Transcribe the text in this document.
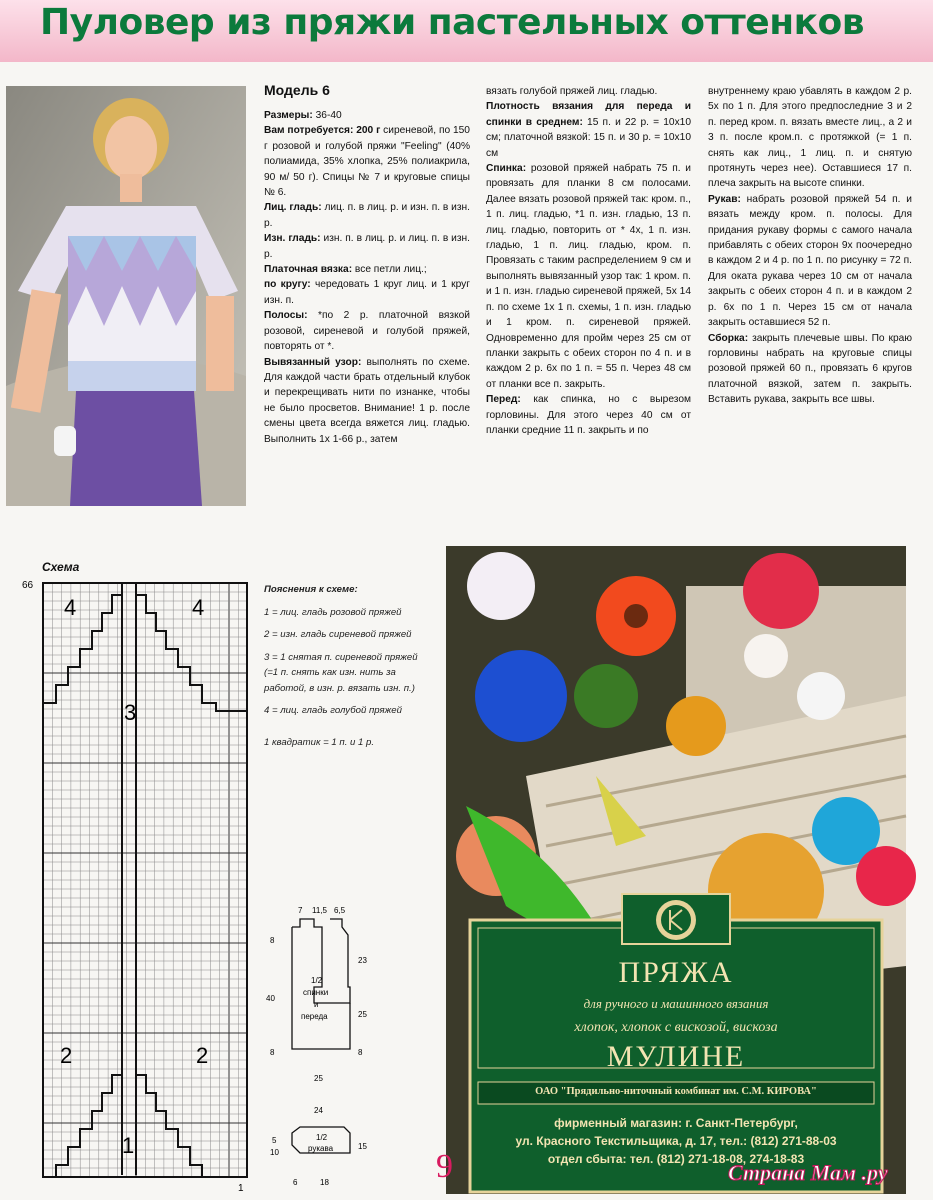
Пуловер из пряжи пастельных оттенков
Модель 6

Размеры: 36-40

Вам потребуется: 200 г сиреневой, по 150 г розовой и голубой пряжи "Feeling" (40% полиамида, 35% хлопка, 25% полиакрила, 90 м/ 50 г). Спицы № 7 и круговые спицы № 6.

Лиц. гладь: лиц. п. в лиц. р. и изн. п. в изн. р.

Изн. гладь: изн. п. в лиц. р. и лиц. п. в изн. р.

Платочная вязка: все петли лиц.;

по кругу: чередовать 1 круг лиц. и 1 круг изн. п.

Полосы: *по 2 р. платочной вязкой розовой, сиреневой и голубой пряжей, повторять от *.

Вывязанный узор: выполнять по схеме. Для каждой части брать отдельный клубок и перекрещивать нити по изнанке, чтобы не было просветов. Внимание! 1 р. после смены цвета всегда вяжется лиц. гладью. Выполнить 1х 1-66 р., затем

вязать голубой пряжей лиц. гладью.

Плотность вязания для переда и спинки в среднем: 15 п. и 22 р. = 10x10 см; платочной вязкой: 15 п. и 30 р. = 10x10 см

Спинка: розовой пряжей набрать 75 п. и провязать для планки 8 см полосами. Далее вязать розовой пряжей так: кром. п., 1 п. лиц. гладью, *1 п. изн. гладью, 13 п. лиц. гладью, повторить от * 4х, 1 п. изн. гладью, 1 п. лиц. гладью, кром. п. Провязать с таким распределением 9 см и выполнять вывязанный узор так: 1 кром. п. и 1 п. изн. гладью сиреневой пряжей, 5х 14 п. по схеме 1х 1 п. схемы, 1 п. изн. гладью и 1 кром. п. сиреневой пряжей. Одновременно для пройм через 25 см от планки закрыть с обеих сторон по 4 п. и в каждом 2 р. 6х по 1 п. = 55 п. Через 48 см от планки все п. закрыть.

Перед: как спинка, но с вырезом горловины. Для этого через 40 см от планки средние 11 п. закрыть и по

внутреннему краю убавлять в каждом 2 р. 5х по 1 п. Для этого предпоследние 3 и 2 п. перед кром. п. вязать вместе лиц., а 2 и 3 п. после кром.п. с протяжкой (= 1 п. снять как лиц., 1 лиц. п. и снятую протянуть через нее). Оставшиеся 17 п. плеча закрыть на высоте спинки.

Рукав: набрать розовой пряжей 54 п. и вязать между кром. п. полосы. Для придания рукаву формы с самого начала прибавлять с обеих сторон 9х поочередно в каждом 2 и 4 р. по 1 п. по рисунку = 72 п. Для оката рукава через 10 см от начала закрыть с обеих сторон 4 п. и в каждом 2 р. 6х по 1 п. Через 15 см от начала закрыть оставшиеся 52 п.

Сборка: закрыть плечевые швы. По краю горловины набрать на круговые спицы розовой пряжей 60 п., провязать 6 кругов платочной вязкой, затем п. закрыть. Вставить рукава, закрыть все швы.

Схема
66
1
4	4
3
2	2
1

Пояснения к схеме:

1 = лиц. гладь розовой пряжей

2 = изн. гладь сиреневой пряжей

3 = 1 снятая п. сиреневой пряжей (=1 п. снять как изн. нить за работой, в изн. р. вязать изн. п.)

4 = лиц. гладь голубой пряжей

1 квадратик = 1 п. и 1 р.

7 11,5 6,5
8
40
8
23
25
8
25
1/2
спинки
и
переда
24
5
10
15
6	18
1/2
рукава
ПРЯЖА
для ручного и машинного вязания
хлопок, хлопок с вискозой, вискоза
МУЛИНЕ
ОАО "Прядильно-ниточный комбинат им. С.М. КИРОВА"
фирменный магазин: г. Санкт-Петербург,
ул. Красного Текстильщика, д. 17, тел.: (812) 271-88-03
отдел сбыта: тел. (812) 271-18-08, 274-18-83
9	Страна Мам .ру
